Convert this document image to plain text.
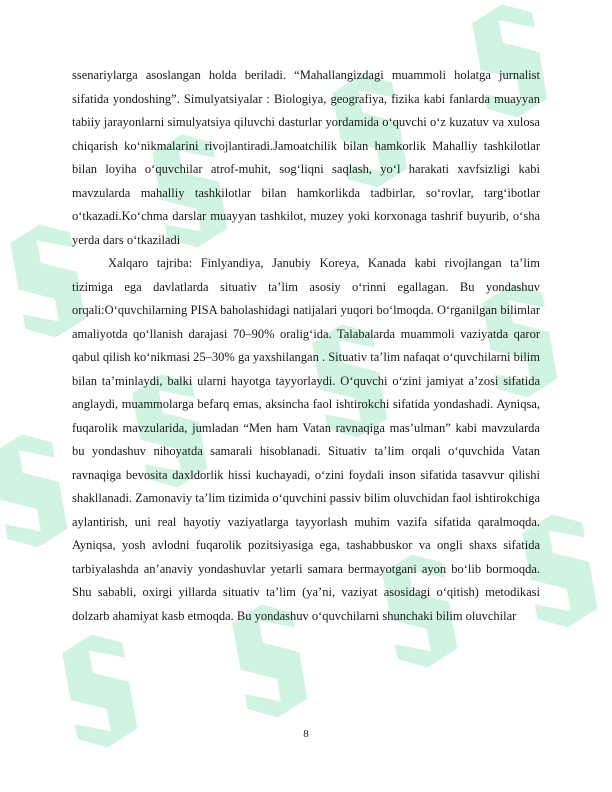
ssenariylarga asoslangan holda beriladi. “Mahallangizdagi muammoli holatga jurnalist sifatida yondoshing”. Simulyatsiyalar : Biologiya, geografiya, fizika kabi fanlarda muayyan tabiiy jarayonlarni simulyatsiya qiluvchi dasturlar yordamida o‘quvchi o‘z kuzatuv va xulosa chiqarish ko‘nikmalarini rivojlantiradi.Jamoatchilik bilan hamkorlik Mahalliy tashkilotlar bilan loyiha o‘quvchilar atrof-muhit, sog‘liqni saqlash, yo‘l harakati xavfsizligi kabi mavzularda mahalliy tashkilotlar bilan hamkorlikda tadbirlar, so‘rovlar, targ‘ibotlar o‘tkazadi.Ko‘chma darslar muayyan tashkilot, muzey yoki korxonaga tashrif buyurib, o‘sha yerda dars o‘tkaziladi

Xalqaro tajriba: Finlyandiya, Janubiy Koreya, Kanada kabi rivojlangan ta’lim tizimiga ega davlatlarda situativ ta’lim asosiy o‘rinni egallagan. Bu yondashuv orqali:O‘quvchilarning PISA baholashidagi natijalari yuqori bo‘lmoqda. O‘rganilgan bilimlar amaliyotda qo‘llanish darajasi 70–90% oralig‘ida. Talabalarda muammoli vaziyatda qaror qabul qilish ko‘nikmasi 25–30% ga yaxshilangan . Situativ ta’lim nafaqat o‘quvchilarni bilim bilan ta’minlaydi, balki ularni hayotga tayyorlaydi. O‘quvchi o‘zini jamiyat a’zosi sifatida anglaydi, muammolarga befarq emas, aksincha faol ishtirokchi sifatida yondashadi. Ayniqsa, fuqarolik mavzularida, jumladan “Men ham Vatan ravnaqiga mas’ulman” kabi mavzularda bu yondashuv nihoyatda samarali hisoblanadi. Situativ ta’lim orqali o‘quvchida Vatan ravnaqiga bevosita daxldorlik hissi kuchayadi, o‘zini foydali inson sifatida tasavvur qilishi shakllanadi. Zamonaviy ta’lim tizimida o‘quvchini passiv bilim oluvchidan faol ishtirokchiga aylantirish, uni real hayotiy vaziyatlarga tayyorlash muhim vazifa sifatida qaralmoqda. Ayniqsa, yosh avlodni fuqarolik pozitsiyasiga ega, tashabbuskor va ongli shaxs sifatida tarbiyalashda an’anaviy yondashuvlar yetarli samara bermayotgani ayon bo‘lib bormoqda. Shu sababli, oxirgi yillarda situativ ta’lim (ya’ni, vaziyat asosidagi o‘qitish) metodikasi dolzarb ahamiyat kasb etmoqda. Bu yondashuv o‘quvchilarni shunchaki bilim oluvchilar

8
